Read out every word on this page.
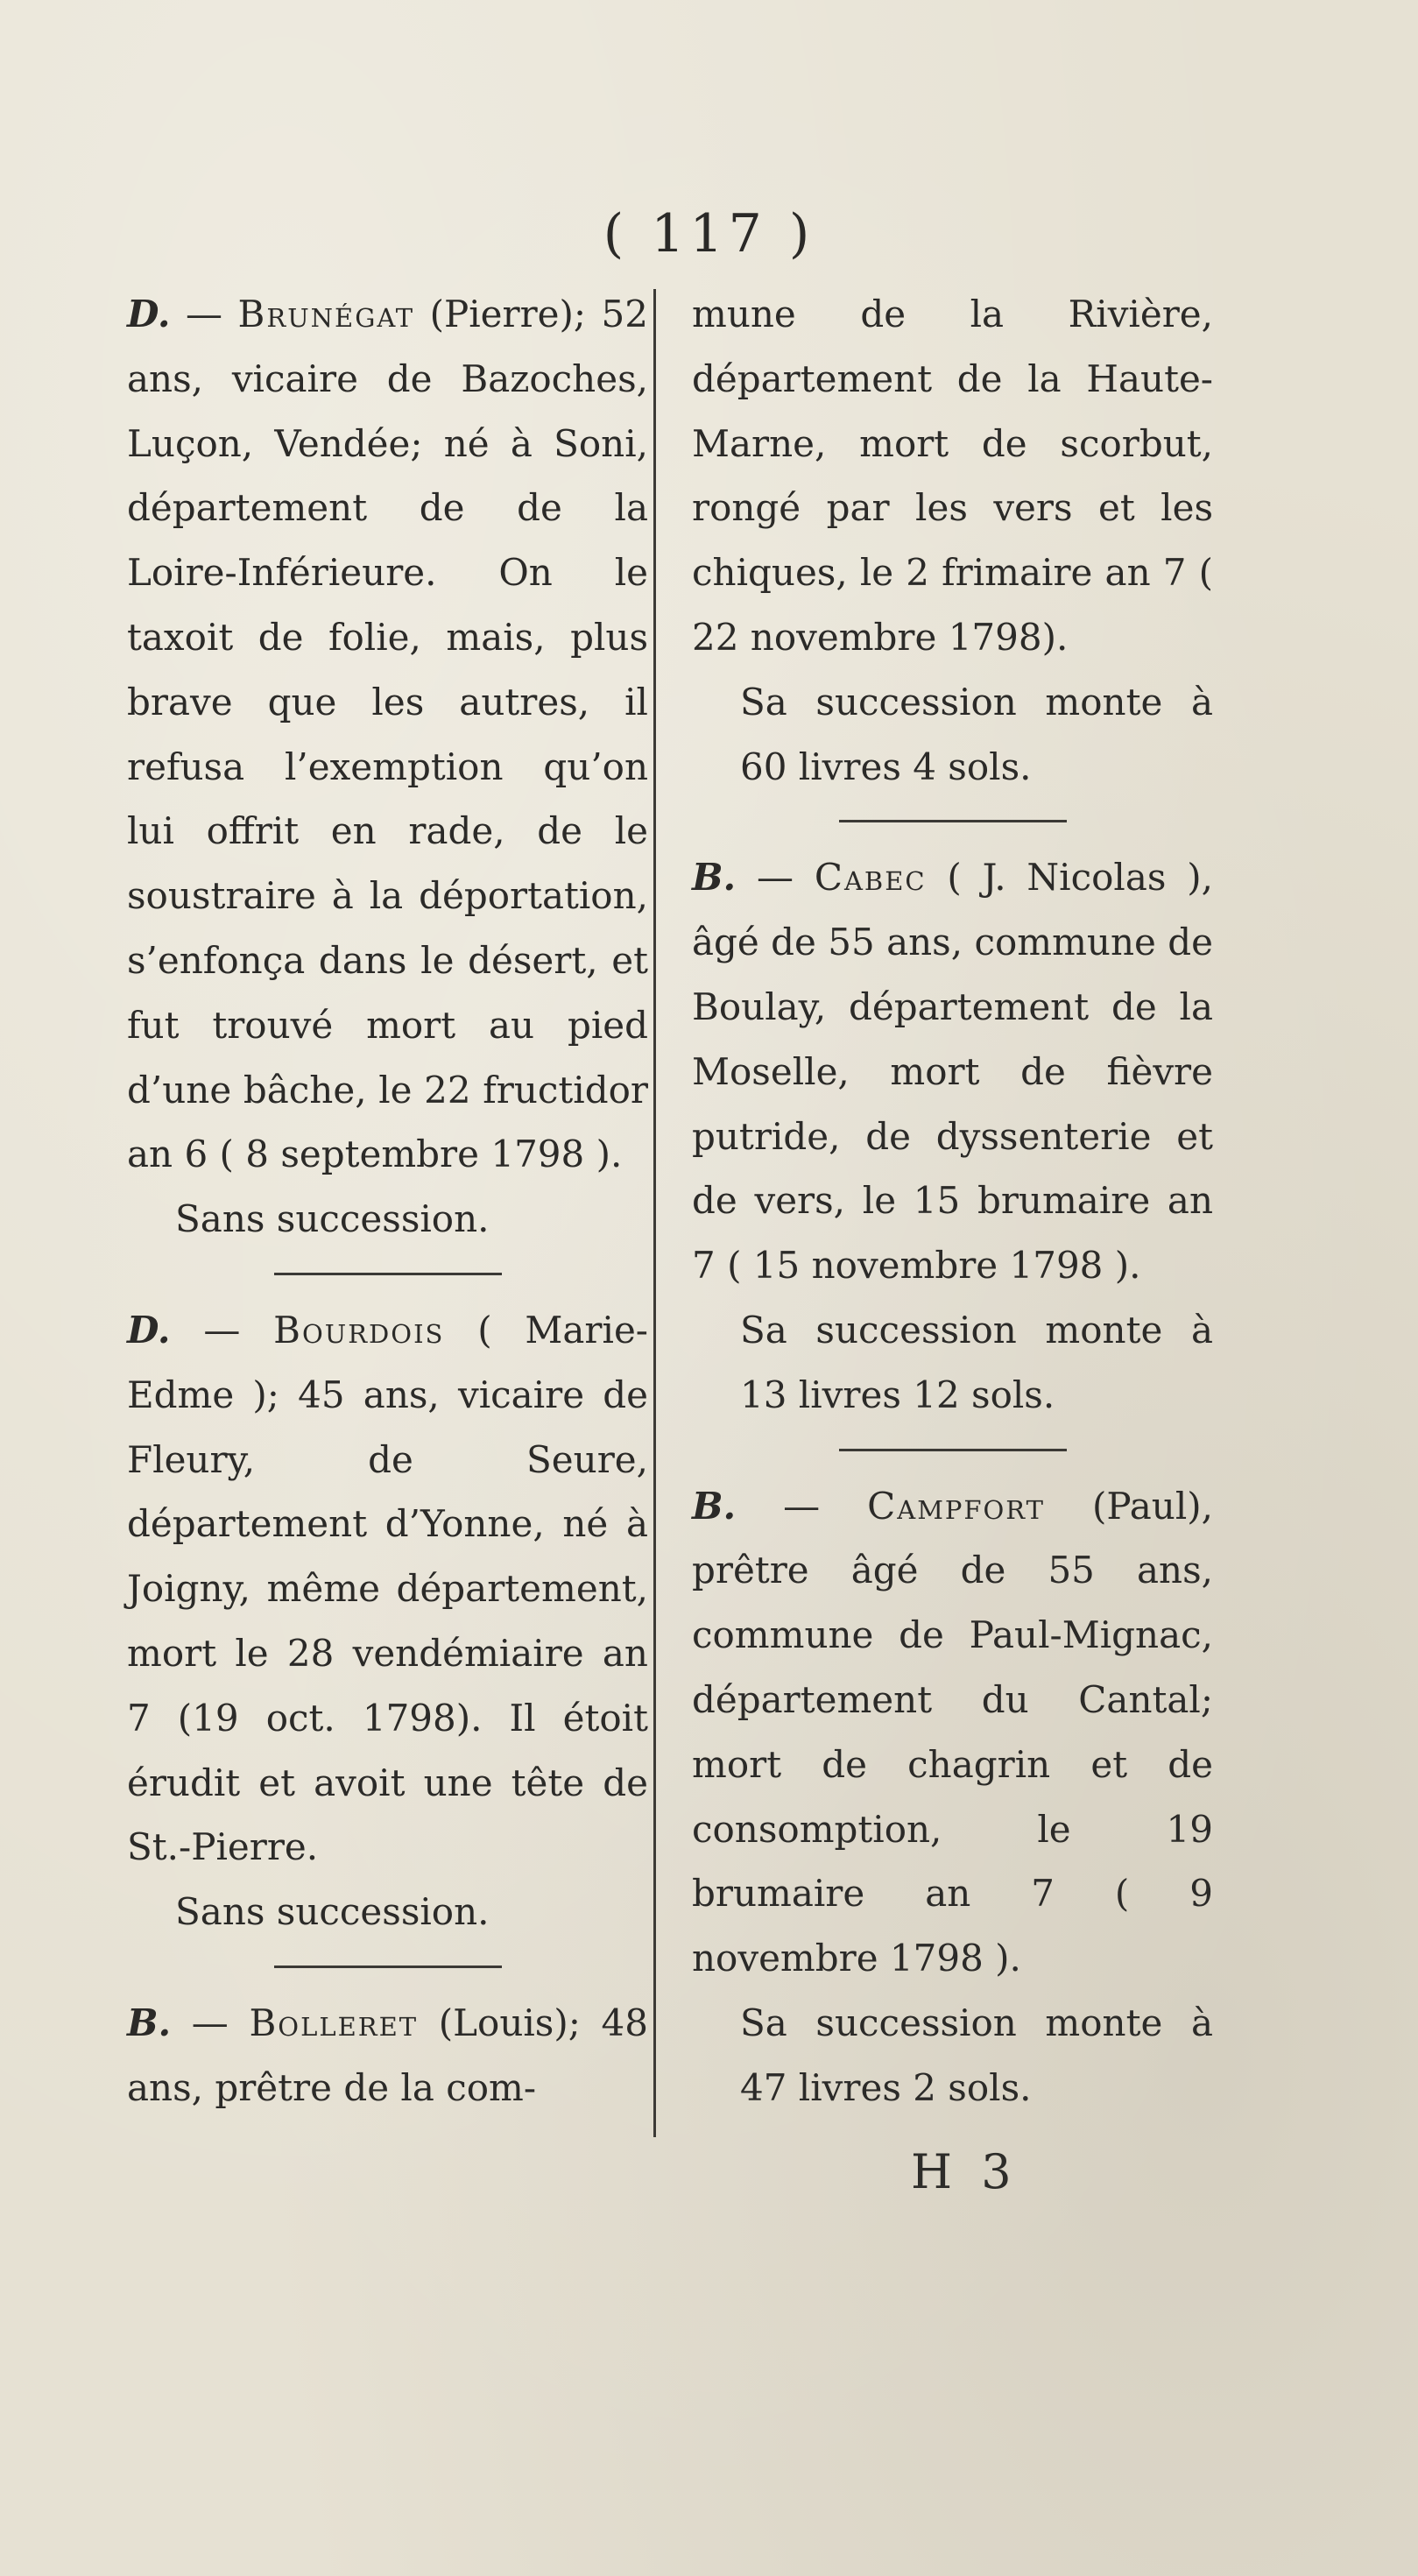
( 117 )

D. — Brunégat (Pierre); 52 ans, vicaire de Bazoches, Luçon, Vendée; né à Soni, département de de la Loire-Inférieure. On le taxoit de folie, mais, plus brave que les autres, il refusa l’exemption qu’on lui offrit en rade, de le soustraire à la déportation, s’enfonça dans le désert, et fut trouvé mort au pied d’une bâche, le 22 fructidor an 6 ( 8 septembre 1798 ).

Sans succession.

D. — Bourdois ( Marie-Edme ); 45 ans, vicaire de Fleury, de Seure, département d’Yonne, né à Joigny, même département, mort le 28 vendémiaire an 7 (19 oct. 1798). Il étoit érudit et avoit une tête de St.-Pierre.

Sans succession.

B. — Bolleret (Louis); 48 ans, prêtre de la com-

mune de la Rivière, département de la Haute-Marne, mort de scorbut, rongé par les vers et les chiques, le 2 frimaire an 7 ( 22 novembre 1798).

Sa succession monte à 60 livres 4 sols.

B. — Cabec ( J. Nicolas ), âgé de 55 ans, commune de Boulay, département de la Moselle, mort de fièvre putride, de dyssenterie et de vers, le 15 brumaire an 7 ( 15 novembre 1798 ).

Sa succession monte à 13 livres 12 sols.

B. — Campfort (Paul), prêtre âgé de 55 ans, commune de Paul-Mignac, département du Cantal; mort de chagrin et de consomption, le 19 brumaire an 7 ( 9 novembre 1798 ).

Sa succession monte à 47 livres 2 sols.

H 3
